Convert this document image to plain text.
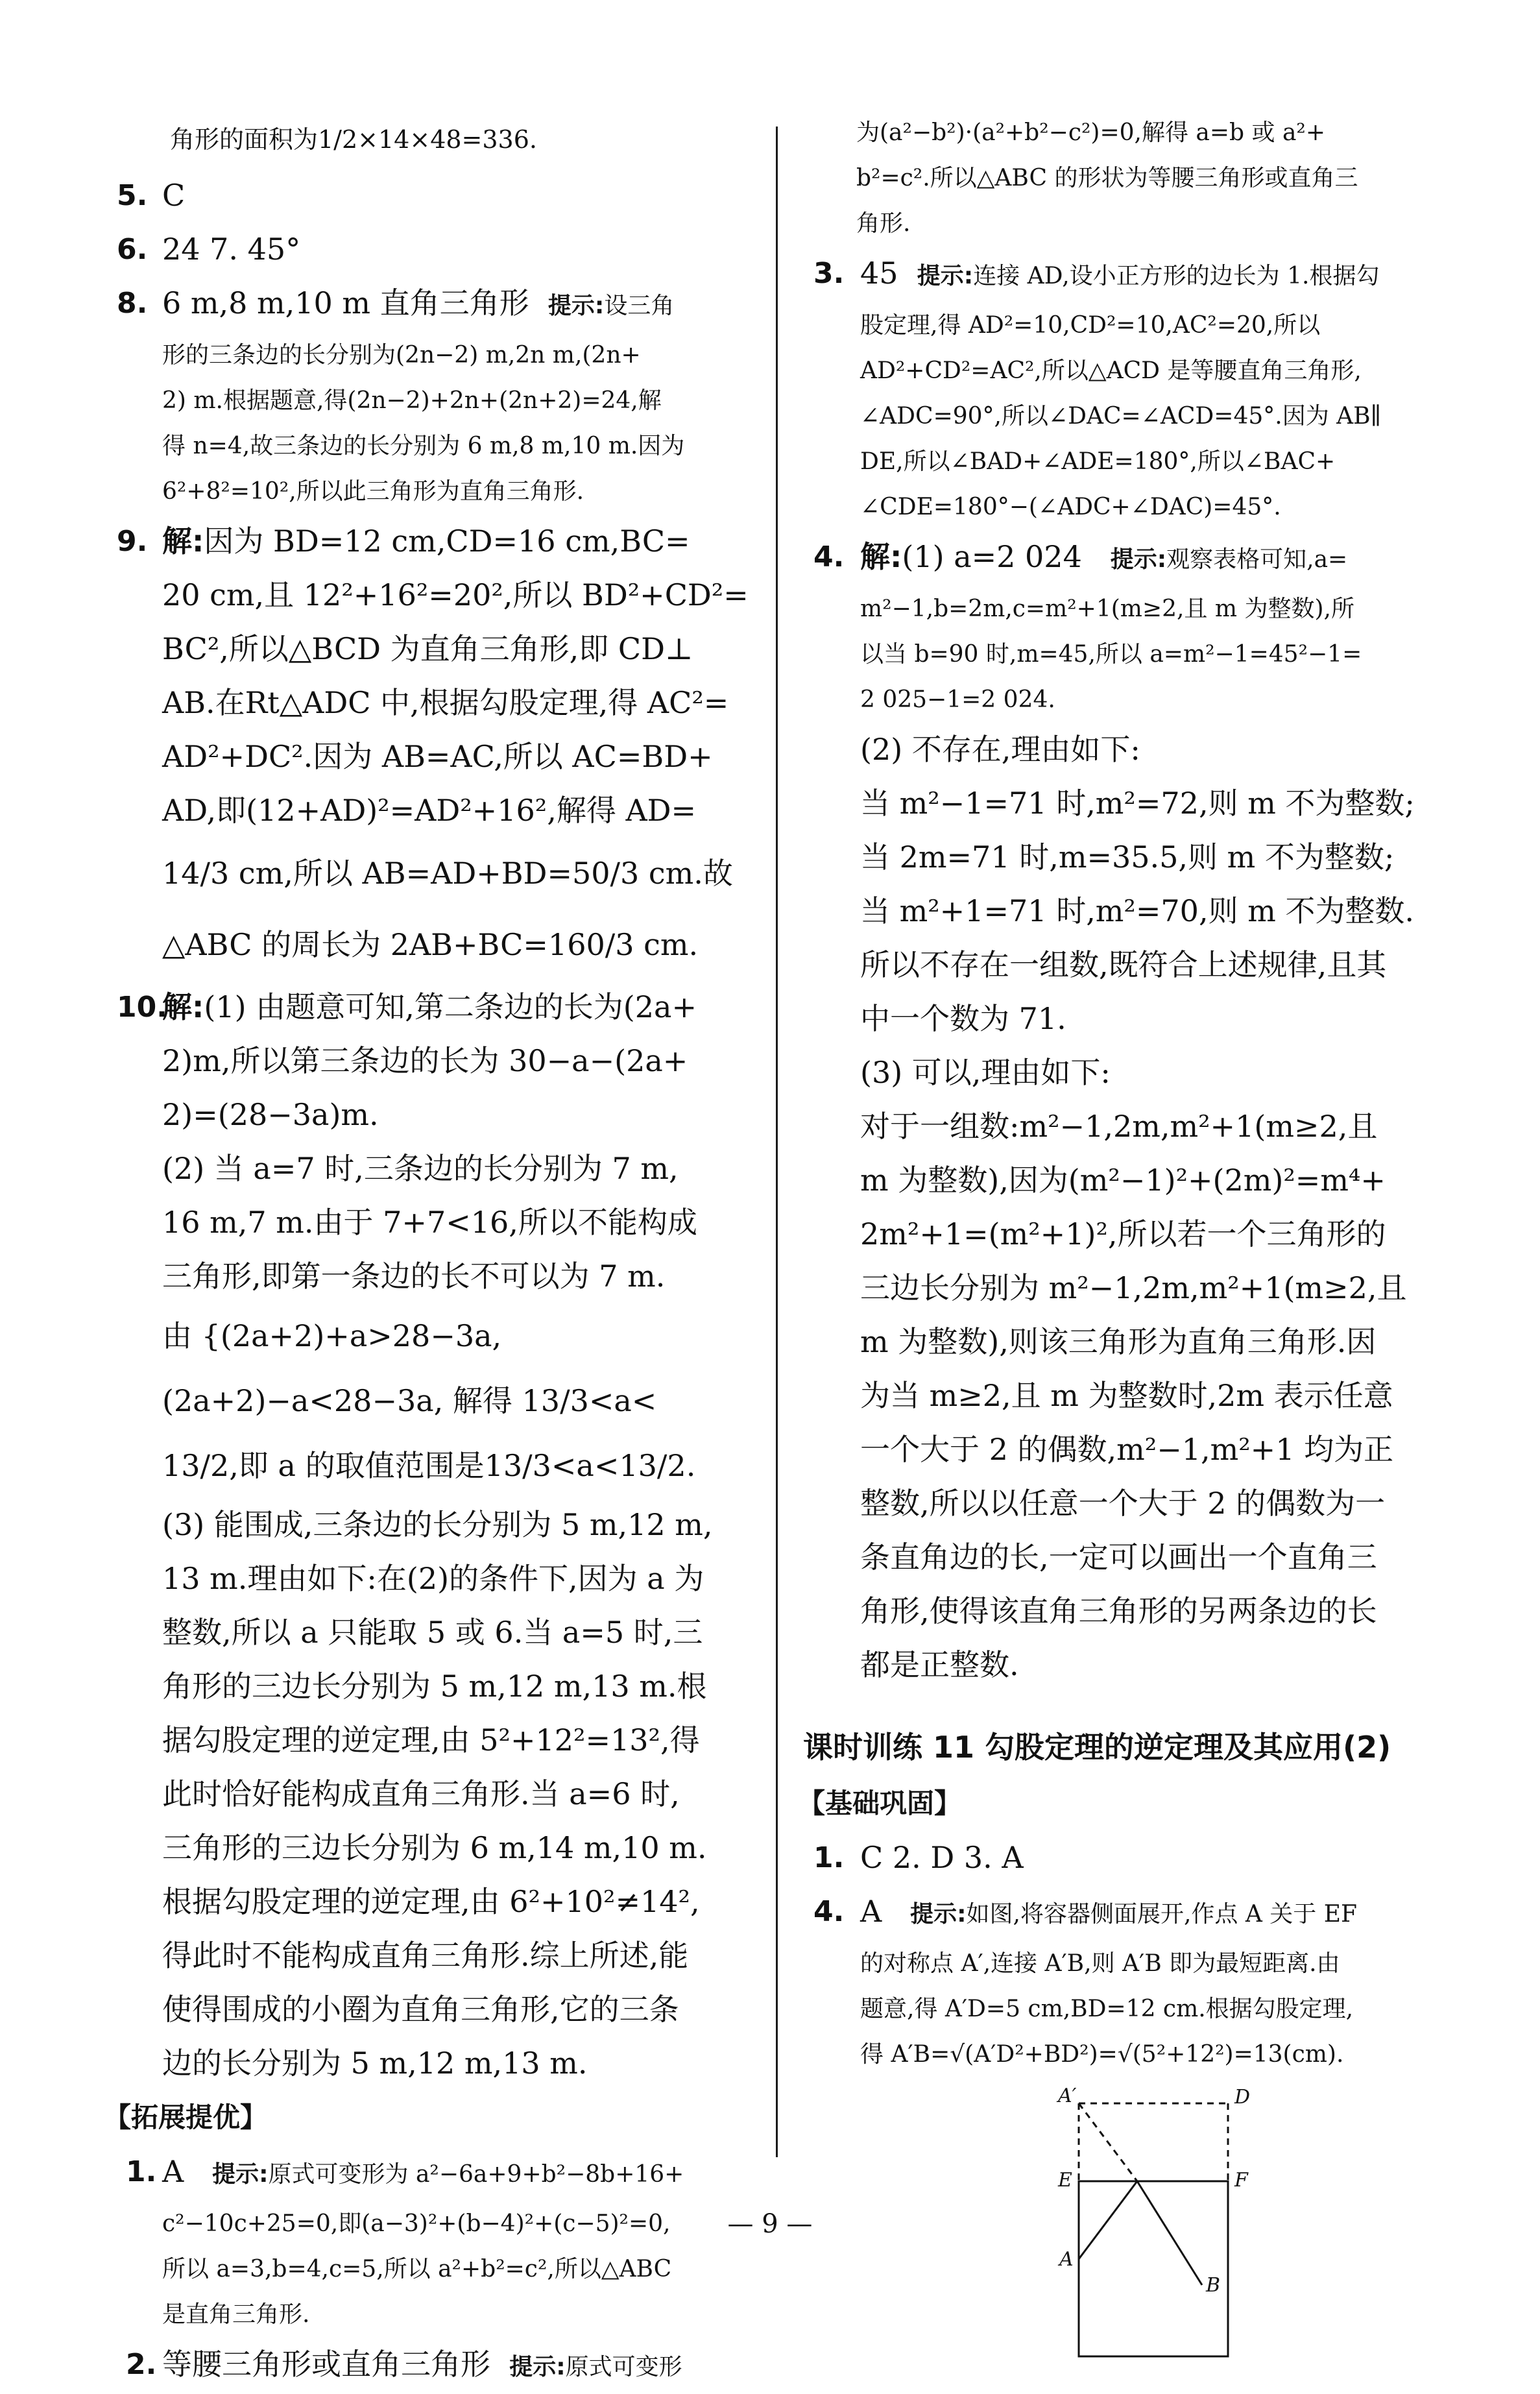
角形的面积为1/2×14×48=336.

5. C

6. 24 7. 45°

8. 6 m,8 m,10 m 直角三角形 提示:设三角

形的三条边的长分别为(2n−2) m,2n m,(2n+

2) m.根据题意,得(2n−2)+2n+(2n+2)=24,解

得 n=4,故三条边的长分别为 6 m,8 m,10 m.因为

6²+8²=10²,所以此三角形为直角三角形.

9. 解:因为 BD=12 cm,CD=16 cm,BC=

20 cm,且 12²+16²=20²,所以 BD²+CD²=

BC²,所以△BCD 为直角三角形,即 CD⊥

AB.在Rt△ADC 中,根据勾股定理,得 AC²=

AD²+DC².因为 AB=AC,所以 AC=BD+

AD,即(12+AD)²=AD²+16²,解得 AD=

14/3 cm,所以 AB=AD+BD=50/3 cm.故

△ABC 的周长为 2AB+BC=160/3 cm.

10.

解:(1) 由题意可知,第二条边的长为(2a+

2)m,所以第三条边的长为 30−a−(2a+

2)=(28−3a)m.

(2) 当 a=7 时,三条边的长分别为 7 m,

16 m,7 m.由于 7+7<16,所以不能构成

三角形,即第一条边的长不可以为 7 m.

由 {(2a+2)+a>28−3a, (2a+2)−a<28−3a, 解得 13/3<a<

13/2,即 a 的取值范围是13/3<a<13/2.

(3) 能围成,三条边的长分别为 5 m,12 m,

13 m.理由如下:在(2)的条件下,因为 a 为

整数,所以 a 只能取 5 或 6.当 a=5 时,三

角形的三边长分别为 5 m,12 m,13 m.根

据勾股定理的逆定理,由 5²+12²=13²,得

此时恰好能构成直角三角形.当 a=6 时,

三角形的三边长分别为 6 m,14 m,10 m.

根据勾股定理的逆定理,由 6²+10²≠14²,

得此时不能构成直角三角形.综上所述,能

使得围成的小圈为直角三角形,它的三条

边的长分别为 5 m,12 m,13 m.

【拓展提优】

1. A 提示:原式可变形为 a²−6a+9+b²−8b+16+

c²−10c+25=0,即(a−3)²+(b−4)²+(c−5)²=0,

所以 a=3,b=4,c=5,所以 a²+b²=c²,所以△ABC

是直角三角形.

2. 等腰三角形或直角三角形 提示:原式可变形

为(a²−b²)·(a²+b²−c²)=0,解得 a=b 或 a²+

b²=c².所以△ABC 的形状为等腰三角形或直角三

角形.

3. 45 提示:连接 AD,设小正方形的边长为 1.根据勾

股定理,得 AD²=10,CD²=10,AC²=20,所以

AD²+CD²=AC²,所以△ACD 是等腰直角三角形,

∠ADC=90°,所以∠DAC=∠ACD=45°.因为 AB∥

DE,所以∠BAD+∠ADE=180°,所以∠BAC+

∠CDE=180°−(∠ADC+∠DAC)=45°.

4. 解:(1) a=2 024 提示:观察表格可知,a=

m²−1,b=2m,c=m²+1(m≥2,且 m 为整数),所

以当 b=90 时,m=45,所以 a=m²−1=45²−1=

2 025−1=2 024.

(2) 不存在,理由如下:

当 m²−1=71 时,m²=72,则 m 不为整数;

当 2m=71 时,m=35.5,则 m 不为整数;

当 m²+1=71 时,m²=70,则 m 不为整数.

所以不存在一组数,既符合上述规律,且其

中一个数为 71.

(3) 可以,理由如下:

对于一组数:m²−1,2m,m²+1(m≥2,且

m 为整数),因为(m²−1)²+(2m)²=m⁴+

2m²+1=(m²+1)²,所以若一个三角形的

三边长分别为 m²−1,2m,m²+1(m≥2,且

m 为整数),则该三角形为直角三角形.因

为当 m≥2,且 m 为整数时,2m 表示任意

一个大于 2 的偶数,m²−1,m²+1 均为正

整数,所以以任意一个大于 2 的偶数为一

条直角边的长,一定可以画出一个直角三

角形,使得该直角三角形的另两条边的长

都是正整数.

课时训练 11 勾股定理的逆定理及其应用(2)

【基础巩固】

1. C 2. D 3. A

4. A 提示:如图,将容器侧面展开,作点 A 关于 EF

的对称点 A′,连接 A′B,则 A′B 即为最短距离.由

题意,得 A′D=5 cm,BD=12 cm.根据勾股定理,

得 A′B=√(A′D²+BD²)=√(5²+12²)=13(cm).

A′	D
E	F
A
B
— 9 —
